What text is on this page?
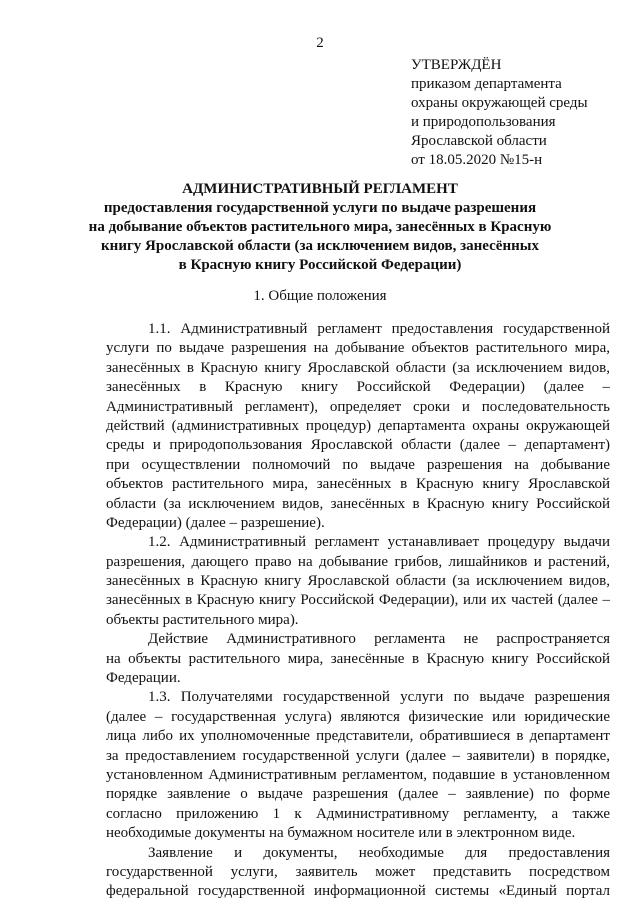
2
УТВЕРЖДЁН
приказом департамента
охраны окружающей среды
и природопользования
Ярославской области
от 18.05.2020 №15-н
АДМИНИСТРАТИВНЫЙ РЕГЛАМЕНТ
предоставления государственной услуги по выдаче разрешения
на добывание объектов растительного мира, занесённых в Красную
книгу Ярославской области (за исключением видов, занесённых
в Красную книгу Российской Федерации)
1. Общие положения
1.1. Административный регламент предоставления государственной
услуги по выдаче разрешения на добывание объектов растительного мира,
занесённых в Красную книгу Ярославской области (за исключением видов,
занесённых в Красную книгу Российской Федерации) (далее –
Административный регламент), определяет сроки и последовательность
действий (административных процедур) департамента охраны окружающей
среды и природопользования Ярославской области (далее – департамент)
при осуществлении полномочий по выдаче разрешения на добывание
объектов растительного мира, занесённых в Красную книгу Ярославской
области (за исключением видов, занесённых в Красную книгу Российской
Федерации) (далее – разрешение).
1.2. Административный регламент устанавливает процедуру выдачи
разрешения, дающего право на добывание грибов, лишайников и растений,
занесённых в Красную книгу Ярославской области (за исключением видов,
занесённых в Красную книгу Российской Федерации), или их частей (далее –
объекты растительного мира).
Действие Административного регламента не распространяется
на объекты растительного мира, занесённые в Красную книгу Российской
Федерации.
1.3. Получателями государственной услуги по выдаче разрешения
(далее – государственная услуга) являются физические или юридические
лица либо их уполномоченные представители, обратившиеся в департамент
за предоставлением государственной услуги (далее – заявители) в порядке,
установленном Административным регламентом, подавшие в установленном
порядке заявление о выдаче разрешения (далее – заявление) по форме
согласно приложению 1 к Административному регламенту, а также
необходимые документы на бумажном носителе или в электронном виде.
Заявление и документы, необходимые для предоставления
государственной услуги, заявитель может представить посредством
федеральной государственной информационной системы «Единый портал
